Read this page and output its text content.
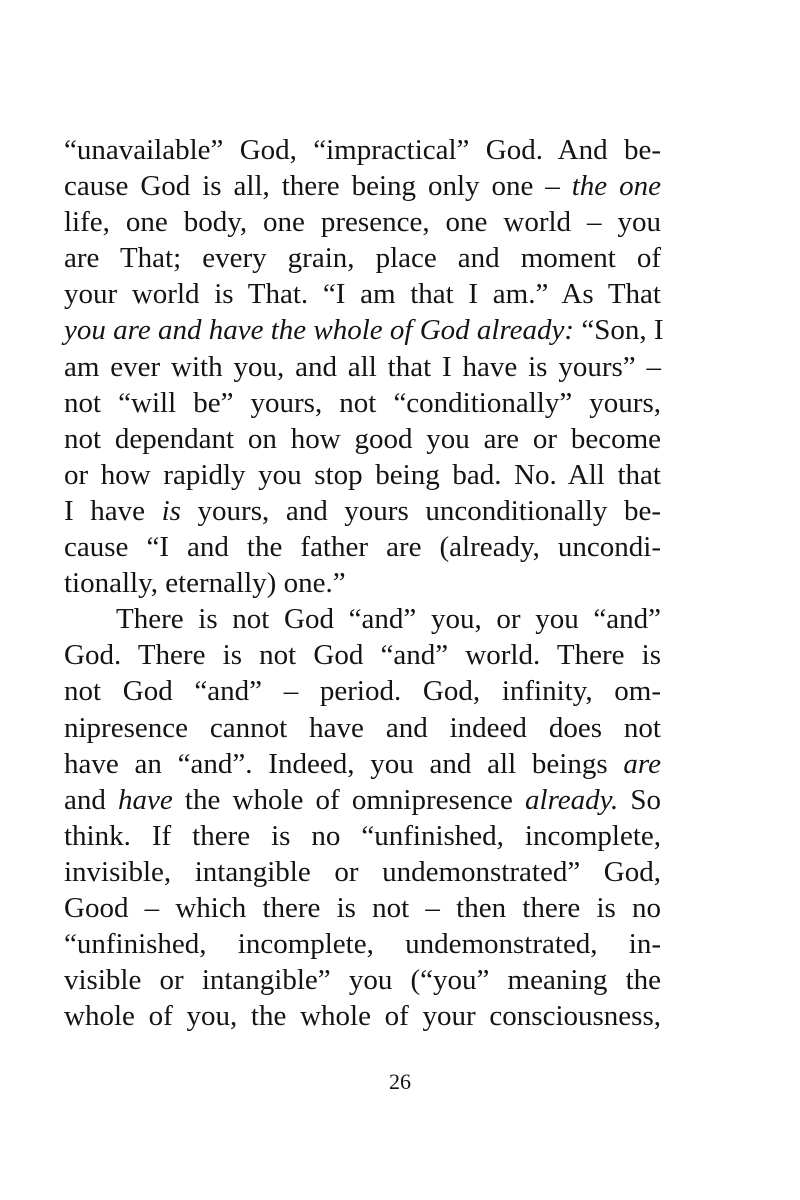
“unavailable” God, “impractical” God. And be-
cause God is all, there being only one – the one
life, one body, one presence, one world – you
are That; every grain, place and moment of
your world is That. “I am that I am.” As That
you are and have the whole of God already: “Son, I
am ever with you, and all that I have is yours” –
not “will be” yours, not “conditionally” yours,
not dependant on how good you are or become
or how rapidly you stop being bad. No. All that
I have is yours, and yours unconditionally be-
cause “I and the father are (already, uncondi-
tionally, eternally) one.”
There is not God “and” you, or you “and”
God. There is not God “and” world. There is
not God “and” – period. God, infinity, om-
nipresence cannot have and indeed does not
have an “and”. Indeed, you and all beings are
and have the whole of omnipresence already. So
think. If there is no “unfinished, incomplete,
invisible, intangible or undemonstrated” God,
Good – which there is not – then there is no
“unfinished, incomplete, undemonstrated, in-
visible or intangible” you (“you” meaning the
whole of you, the whole of your consciousness,
26
